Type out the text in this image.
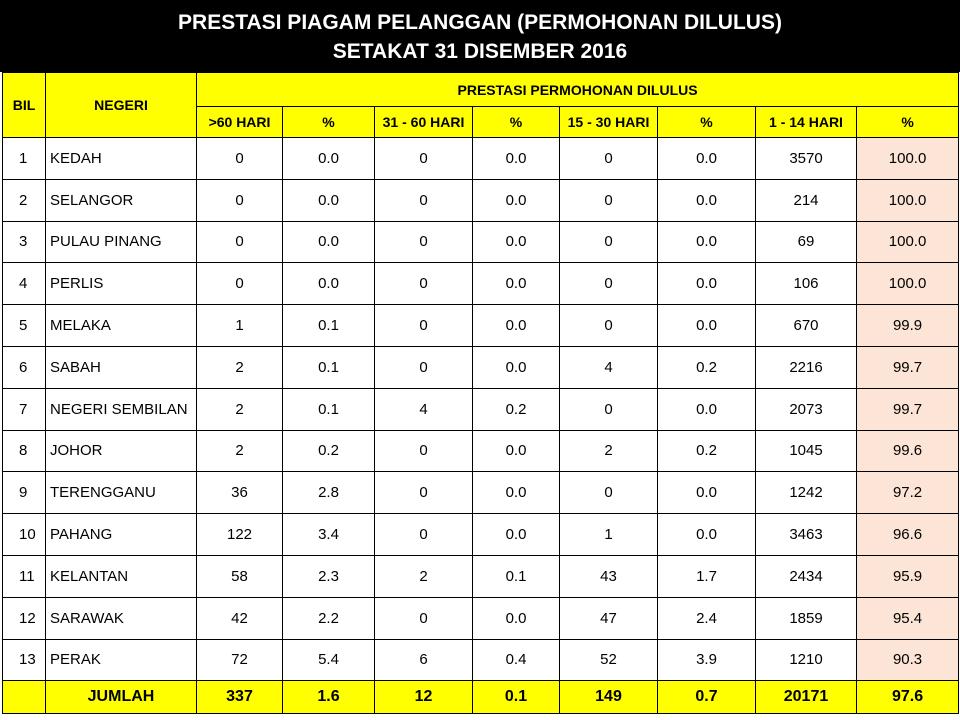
PRESTASI PIAGAM PELANGGAN (PERMOHONAN DILULUS)
SETAKAT 31 DISEMBER 2016
BIL	NEGERI	PRESTASI PERMOHONAN DILULUS							
		>60 HARI	%	31 - 60 HARI	%	15 - 30 HARI	%	1 - 14 HARI	%
1	KEDAH	0	0.0	0	0.0	0	0.0	3570	100.0
2	SELANGOR	0	0.0	0	0.0	0	0.0	214	100.0
3	PULAU PINANG	0	0.0	0	0.0	0	0.0	69	100.0
4	PERLIS	0	0.0	0	0.0	0	0.0	106	100.0
5	MELAKA	1	0.1	0	0.0	0	0.0	670	99.9
6	SABAH	2	0.1	0	0.0	4	0.2	2216	99.7
7	NEGERI SEMBILAN	2	0.1	4	0.2	0	0.0	2073	99.7
8	JOHOR	2	0.2	0	0.0	2	0.2	1045	99.6
9	TERENGGANU	36	2.8	0	0.0	0	0.0	1242	97.2
10	PAHANG	122	3.4	0	0.0	1	0.0	3463	96.6
11	KELANTAN	58	2.3	2	0.1	43	1.7	2434	95.9
12	SARAWAK	42	2.2	0	0.0	47	2.4	1859	95.4
13	PERAK	72	5.4	6	0.4	52	3.9	1210	90.3
	JUMLAH	337	1.6	12	0.1	149	0.7	20171	97.6
